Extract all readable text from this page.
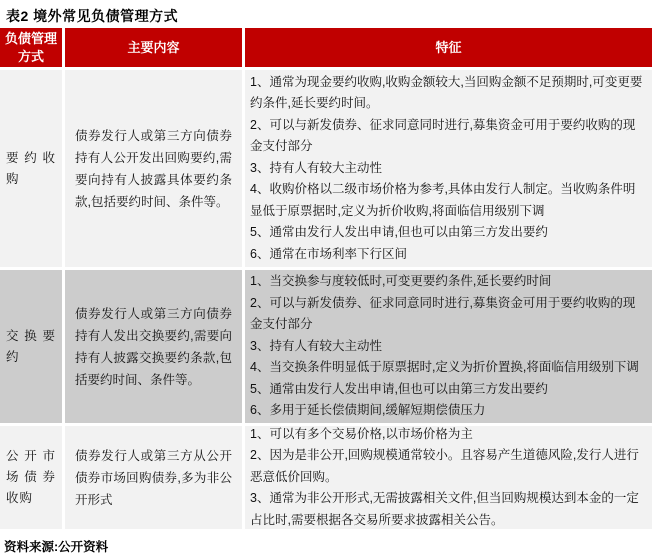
表2 境外常见负债管理方式
负债管理方式
主要内容	特征
要约收购
债券发行人或第三方向债券持有人公开发出回购要约,需要向持有人披露具体要约条款,包括要约时间、条件等。
1、通常为现金要约收购,收购金额较大,当回购金额不足预期时,可变更要约条件,延长要约时间。
2、可以与新发债券、征求同意同时进行,募集资金可用于要约收购的现金支付部分
3、持有人有较大主动性
4、收购价格以二级市场价格为参考,具体由发行人制定。当收购条件明显低于原票据时,定义为折价收购,将面临信用级别下调
5、通常由发行人发出申请,但也可以由第三方发出要约
6、通常在市场利率下行区间
交换要约
债券发行人或第三方向债券持有人发出交换要约,需要向持有人披露交换要约条款,包括要约时间、条件等。
1、当交换参与度较低时,可变更要约条件,延长要约时间
2、可以与新发债券、征求同意同时进行,募集资金可用于要约收购的现金支付部分
3、持有人有较大主动性
4、当交换条件明显低于原票据时,定义为折价置换,将面临信用级别下调
5、通常由发行人发出申请,但也可以由第三方发出要约
6、多用于延长偿债期间,缓解短期偿债压力
公开市场债券收购
债券发行人或第三方从公开债券市场回购债券,多为非公开形式
1、可以有多个交易价格,以市场价格为主
2、因为是非公开,回购规模通常较小。且容易产生道德风险,发行人进行恶意低价回购。
3、通常为非公开形式,无需披露相关文件,但当回购规模达到本金的一定占比时,需要根据各交易所要求披露相关公告。
资料来源:公开资料
